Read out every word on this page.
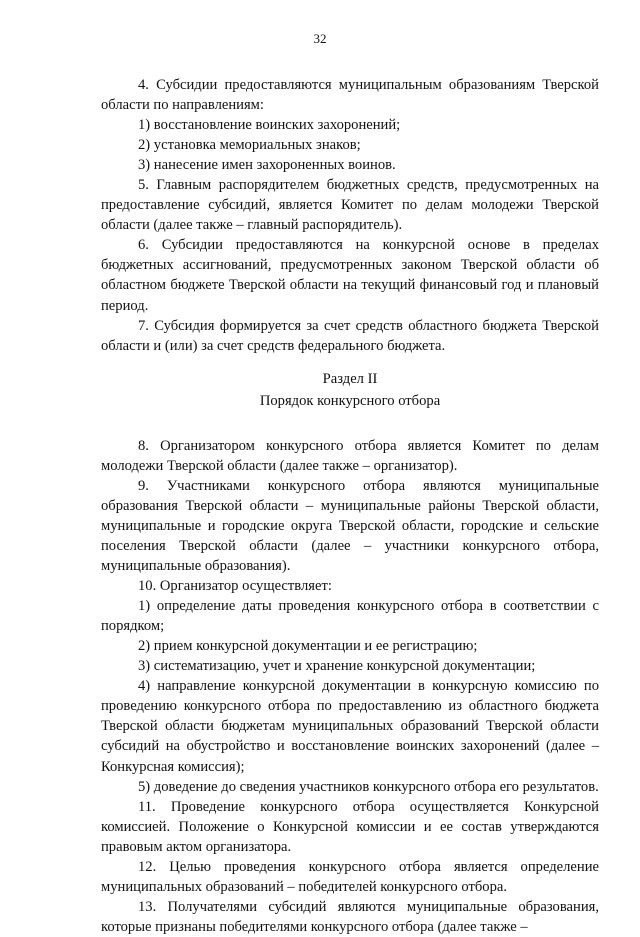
32

4. Субсидии предоставляются муниципальным образованиям Тверской области по направлениям:

1) восстановление воинских захоронений;

2) установка мемориальных знаков;

3) нанесение имен захороненных воинов.

5. Главным распорядителем бюджетных средств, предусмотренных на предоставление субсидий, является Комитет по делам молодежи Тверской области (далее также – главный распорядитель).

6. Субсидии предоставляются на конкурсной основе в пределах бюджетных ассигнований, предусмотренных законом Тверской области об областном бюджете Тверской области на текущий финансовый год и плановый период.

7. Субсидия формируется за счет средств областного бюджета Тверской области и (или) за счет средств федерального бюджета.

Раздел II

Порядок конкурсного отбора

8. Организатором конкурсного отбора является Комитет по делам молодежи Тверской области (далее также – организатор).

9. Участниками конкурсного отбора являются муниципальные образования Тверской области – муниципальные районы Тверской области, муниципальные и городские округа Тверской области, городские и сельские поселения Тверской области (далее – участники конкурсного отбора, муниципальные образования).

10. Организатор осуществляет:

1) определение даты проведения конкурсного отбора в соответствии с порядком;

2) прием конкурсной документации и ее регистрацию;

3) систематизацию, учет и хранение конкурсной документации;

4) направление конкурсной документации в конкурсную комиссию по проведению конкурсного отбора по предоставлению из областного бюджета Тверской области бюджетам муниципальных образований Тверской области субсидий на обустройство и восстановление воинских захоронений (далее – Конкурсная комиссия);

5) доведение до сведения участников конкурсного отбора его результатов.

11. Проведение конкурсного отбора осуществляется Конкурсной комиссией. Положение о Конкурсной комиссии и ее состав утверждаются правовым актом организатора.

12. Целью проведения конкурсного отбора является определение муниципальных образований – победителей конкурсного отбора.

13. Получателями субсидий являются муниципальные образования, которые признаны победителями конкурсного отбора (далее также –
